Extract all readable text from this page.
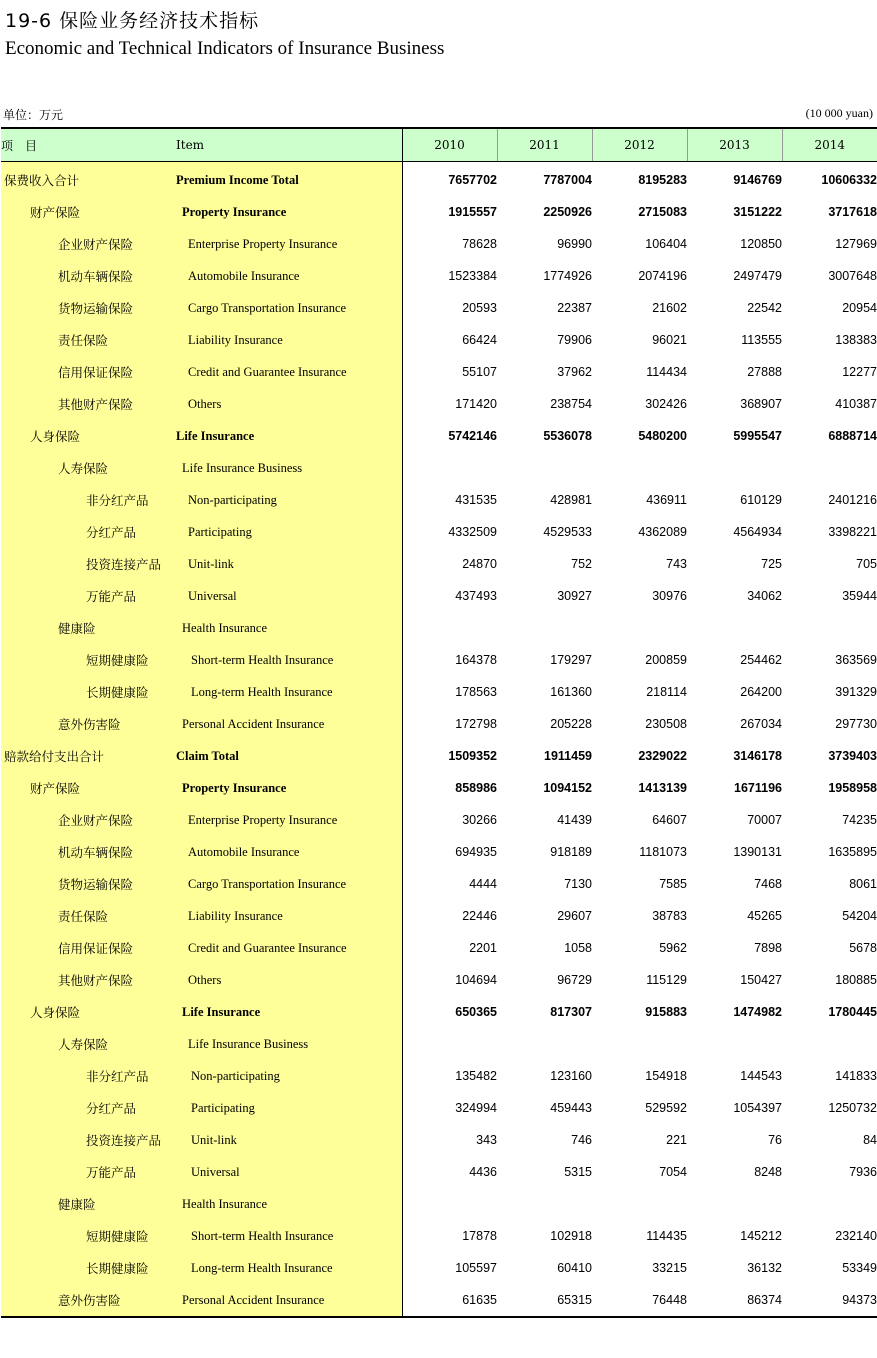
19-6 保险业务经济技术指标
Economic and Technical Indicators of Insurance Business
单位：万元	(10 000 yuan)
项　目	Item	2010	2011	2012	2013	2014
保费收入合计	Premium Income Total	7657702	7787004	8195283	9146769	10606332
财产保险	Property Insurance	1915557	2250926	2715083	3151222	3717618
企业财产保险	Enterprise Property Insurance	78628	96990	106404	120850	127969
机动车辆保险	Automobile Insurance	1523384	1774926	2074196	2497479	3007648
货物运输保险	Cargo Transportation Insurance	20593	22387	21602	22542	20954
责任保险	Liability Insurance	66424	79906	96021	113555	138383
信用保证保险	Credit and Guarantee Insurance	55107	37962	114434	27888	12277
其他财产保险	Others	171420	238754	302426	368907	410387
人身保险	Life Insurance	5742146	5536078	5480200	5995547	6888714
人寿保险	Life Insurance Business					
非分红产品	Non-participating	431535	428981	436911	610129	2401216
分红产品	Participating	4332509	4529533	4362089	4564934	3398221
投资连接产品	Unit-link	24870	752	743	725	705
万能产品	Universal	437493	30927	30976	34062	35944
健康险	Health Insurance					
短期健康险	Short-term Health Insurance	164378	179297	200859	254462	363569
长期健康险	Long-term Health Insurance	178563	161360	218114	264200	391329
意外伤害险	Personal Accident Insurance	172798	205228	230508	267034	297730
赔款给付支出合计	Claim Total	1509352	1911459	2329022	3146178	3739403
财产保险	Property Insurance	858986	1094152	1413139	1671196	1958958
企业财产保险	Enterprise Property Insurance	30266	41439	64607	70007	74235
机动车辆保险	Automobile Insurance	694935	918189	1181073	1390131	1635895
货物运输保险	Cargo Transportation Insurance	4444	7130	7585	7468	8061
责任保险	Liability Insurance	22446	29607	38783	45265	54204
信用保证保险	Credit and Guarantee Insurance	2201	1058	5962	7898	5678
其他财产保险	Others	104694	96729	115129	150427	180885
人身保险	Life Insurance	650365	817307	915883	1474982	1780445
人寿保险	Life Insurance Business					
非分红产品	Non-participating	135482	123160	154918	144543	141833
分红产品	Participating	324994	459443	529592	1054397	1250732
投资连接产品	Unit-link	343	746	221	76	84
万能产品	Universal	4436	5315	7054	8248	7936
健康险	Health Insurance					
短期健康险	Short-term Health Insurance	17878	102918	114435	145212	232140
长期健康险	Long-term Health Insurance	105597	60410	33215	36132	53349
意外伤害险	Personal Accident Insurance	61635	65315	76448	86374	94373
